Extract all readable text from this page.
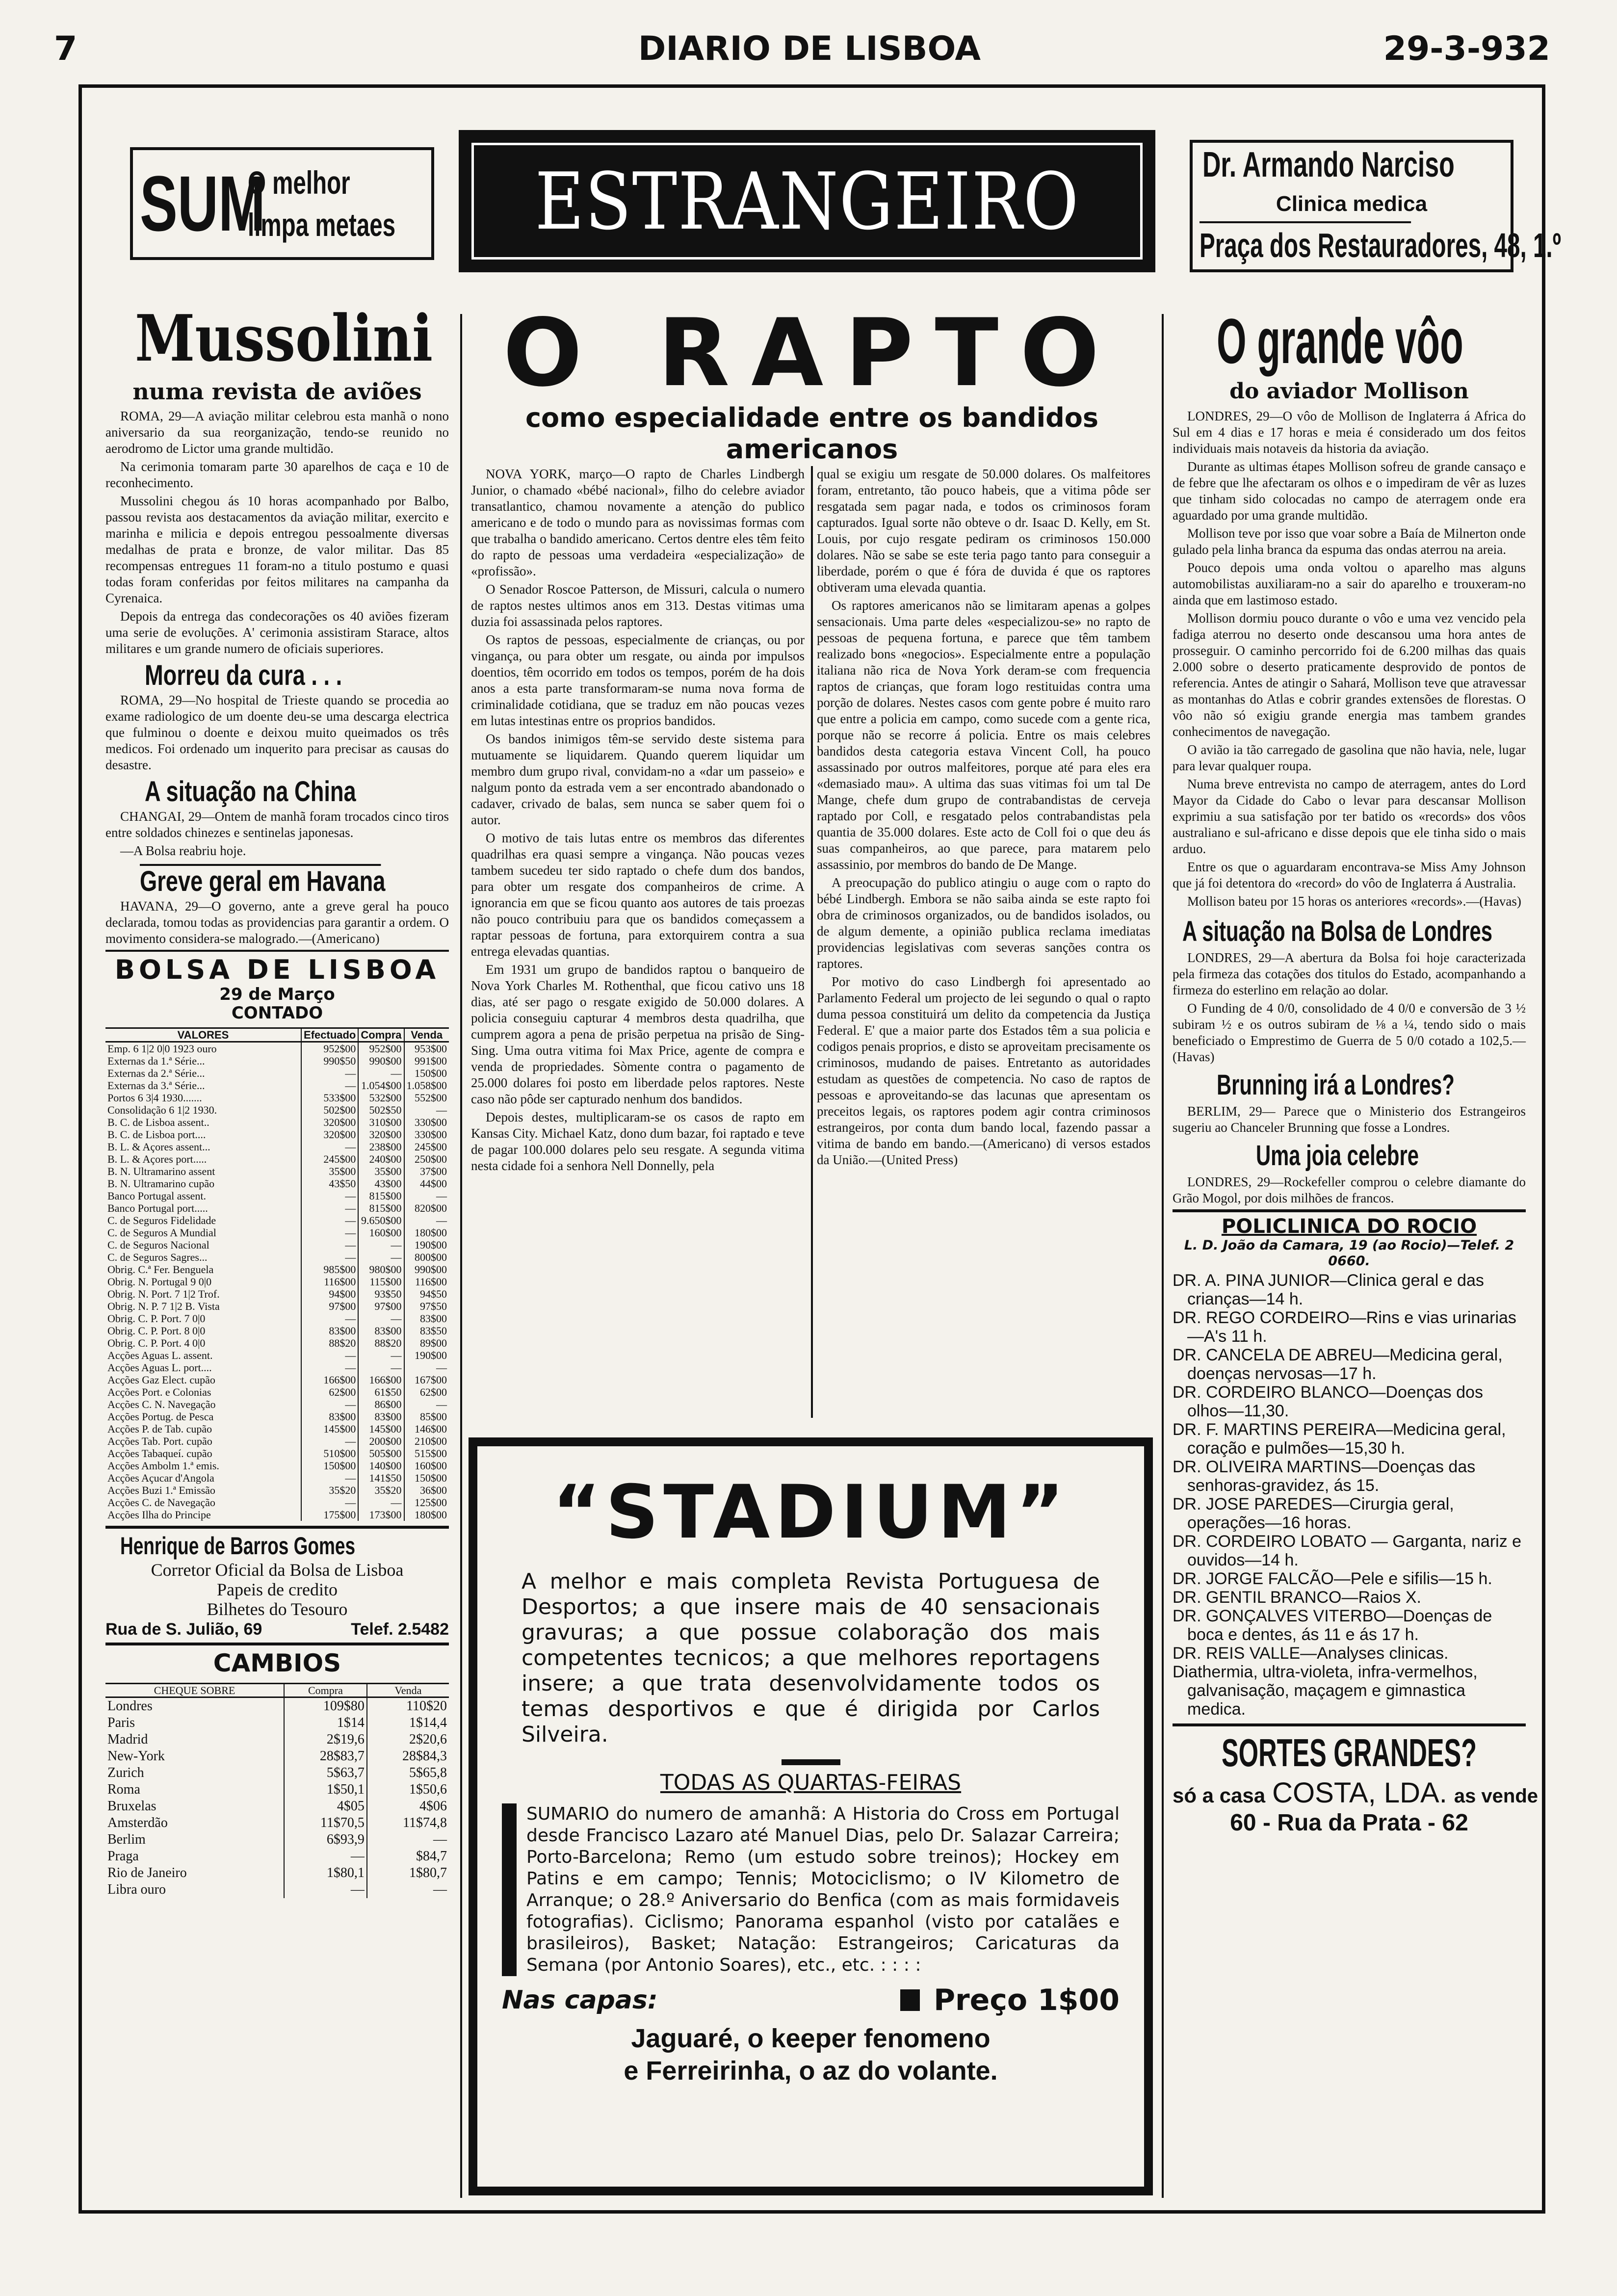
7	DIARIO DE LISBOA	29-3-932
SUM
O melhor
limpa metaes ESTRANGEIRO	Dr. Armando Narciso
Clinica medica
Praça dos Restauradores, 48, 1.º
Mussolini
numa revista de aviões

ROMA, 29—A aviação militar celebrou esta manhã o nono aniversario da sua reorganização, tendo-se reunido no aerodromo de Lictor uma grande multidão.

Na cerimonia tomaram parte 30 aparelhos de caça e 10 de reconhecimento.

Mussolini chegou ás 10 horas acompanhado por Balbo, passou revista aos destacamentos da aviação militar, exercito e marinha e milicia e depois entregou pessoalmente diversas medalhas de prata e bronze, de valor militar. Das 85 recompensas entregues 11 foram-no a titulo postumo e quasi todas foram conferidas por feitos militares na campanha da Cyrenaica.

Depois da entrega das condecorações os 40 aviões fizeram uma serie de evoluções. A' cerimonia assistiram Starace, altos militares e um grande numero de oficiais superiores.

Morreu da cura . . .

ROMA, 29—No hospital de Trieste quando se procedia ao exame radiologico de um doente deu-se uma descarga electrica que fulminou o doente e deixou muito queimados os três medicos. Foi ordenado um inquerito para precisar as causas do desastre.

A situação na China

CHANGAI, 29—Ontem de manhã foram trocados cinco tiros entre soldados chinezes e sentinelas japonesas.

—A Bolsa reabriu hoje.

Greve geral em Havana

HAVANA, 29—O governo, ante a greve geral ha pouco declarada, tomou todas as providencias para garantir a ordem. O movimento considera-se malogrado.—(Americano)

BOLSA DE LISBOA
29 de Março
CONTADO
VALORES	Efectuado	Compra	Venda
Emp. 6 1|2 0|0 1923 ouro	952$00	952$00	953$00
Externas da 1.ª Série...	990$50	990$00	991$00
Externas da 2.ª Série...	—	—	150$00
Externas da 3.ª Série...	—	1.054$00	1.058$00
Portos 6 3|4 1930.......	533$00	532$00	552$00
Consolidação 6 1|2 1930.	502$00	502$50	—
B. C. de Lisboa assent..	320$00	310$00	330$00
B. C. de Lisboa port....	320$00	320$00	330$00
B. L. & Açores assent...	—	238$00	245$00
B. L. & Açores port.....	245$00	240$00	250$00
B. N. Ultramarino assent	35$00	35$00	37$00
B. N. Ultramarino cupão	43$50	43$00	44$00
Banco Portugal assent.	—	815$00	—
Banco Portugal port.....	—	815$00	820$00
C. de Seguros Fidelidade	—	9.650$00	—
C. de Seguros A Mundial	—	160$00	180$00
C. de Seguros Nacional	—	—	190$00
C. de Seguros Sagres...	—	—	800$00
Obrig. C.ª Fer. Benguela	985$00	980$00	990$00
Obrig. N. Portugal 9 0|0	116$00	115$00	116$00
Obrig. N. Port. 7 1|2 Trof.	94$00	93$50	94$50
Obrig. N. P. 7 1|2 B. Vista	97$00	97$00	97$50
Obrig. C. P. Port. 7 0|0	—	—	83$00
Obrig. C. P. Port. 8 0|0	83$00	83$00	83$50
Obrig. C. P. Port. 4 0|0	88$20	88$20	89$00
Acções Aguas L. assent.	—	—	190$00
Acções Aguas L. port....	—	—	—
Acções Gaz Elect. cupão	166$00	166$00	167$00
Acções Port. e Colonias	62$00	61$50	62$00
Acções C. N. Navegação	—	86$00	—
Acções Portug. de Pesca	83$00	83$00	85$00
Acções P. de Tab. cupão	145$00	145$00	146$00
Acções Tab. Port. cupão	—	200$00	210$00
Acções Tabaqueí. cupão	510$00	505$00	515$00
Acções Ambolm 1.ª emis.	150$00	140$00	160$00
Acções Açucar d'Angola	—	141$50	150$00
Acções Buzi 1.ª Emissão	35$20	35$20	36$00
Acções C. de Navegação	—	—	125$00
Acções Ilha do Principe	175$00	173$00	180$00
Henrique de Barros Gomes
Corretor Oficial da Bolsa de Lisboa
Papeis de credito
Bilhetes do Tesouro
Rua de S. Julião, 69	Telef. 2.5482
CAMBIOS
CHEQUE SOBRE	Compra	Venda
Londres	109$80	110$20
Paris	1$14	1$14,4
Madrid	2$19,6	2$20,6
New-York	28$83,7	28$84,3
Zurich	5$63,7	5$65,8
Roma	1$50,1	1$50,6
Bruxelas	4$05	4$06
Amsterdão	11$70,5	11$74,8
Berlim	6$93,9	—
Praga	—	$84,7
Rio de Janeiro	1$80,1	1$80,7
Libra ouro	—	—
O RAPTO
como especialidade entre os bandidos americanos

NOVA YORK, março—O rapto de Charles Lindbergh Junior, o chamado «bébé nacional», filho do celebre aviador transatlantico, chamou novamente a atenção do publico americano e de todo o mundo para as novissimas formas com que trabalha o bandido americano. Certos dentre eles têm feito do rapto de pessoas uma verdadeira «especialização» de «profissão».

O Senador Roscoe Patterson, de Missuri, calcula o numero de raptos nestes ultimos anos em 313. Destas vitimas uma duzia foi assassinada pelos raptores.

Os raptos de pessoas, especialmente de crianças, ou por vingança, ou para obter um resgate, ou ainda por impulsos doentios, têm ocorrido em todos os tempos, porém de ha dois anos a esta parte transformaram-se numa nova forma de criminalidade cotidiana, que se traduz em não poucas vezes em lutas intestinas entre os proprios bandidos.

Os bandos inimigos têm-se servido deste sistema para mutuamente se liquidarem. Quando querem liquidar um membro dum grupo rival, convidam-no a «dar um passeio» e nalgum ponto da estrada vem a ser encontrado abandonado o cadaver, crivado de balas, sem nunca se saber quem foi o autor.

O motivo de tais lutas entre os membros das diferentes quadrilhas era quasi sempre a vingança. Não poucas vezes tambem sucedeu ter sido raptado o chefe dum dos bandos, para obter um resgate dos companheiros de crime. A ignorancia em que se ficou quanto aos autores de tais proezas não pouco contribuiu para que os bandidos começassem a raptar pessoas de fortuna, para extorquirem contra a sua entrega elevadas quantias.

Em 1931 um grupo de bandidos raptou o banqueiro de Nova York Charles M. Rothenthal, que ficou cativo uns 18 dias, até ser pago o resgate exigido de 50.000 dolares. A policia conseguiu capturar 4 membros desta quadrilha, que cumprem agora a pena de prisão perpetua na prisão de Sing-Sing. Uma outra vitima foi Max Price, agente de compra e venda de propriedades. Sòmente contra o pagamento de 25.000 dolares foi posto em liberdade pelos raptores. Neste caso não pôde ser capturado nenhum dos bandidos.

Depois destes, multiplicaram-se os casos de rapto em Kansas City. Michael Katz, dono dum bazar, foi raptado e teve de pagar 100.000 dolares pelo seu resgate. A segunda vitima nesta cidade foi a senhora Nell Donnelly, pela

qual se exigiu um resgate de 50.000 dolares. Os malfeitores foram, entretanto, tão pouco habeis, que a vitima pôde ser resgatada sem pagar nada, e todos os criminosos foram capturados. Igual sorte não obteve o dr. Isaac D. Kelly, em St. Louis, por cujo resgate pediram os criminosos 150.000 dolares. Não se sabe se este teria pago tanto para conseguir a liberdade, porém o que é fóra de duvida é que os raptores obtiveram uma elevada quantia.

Os raptores americanos não se limitaram apenas a golpes sensacionais. Uma parte deles «especializou-se» no rapto de pessoas de pequena fortuna, e parece que têm tambem realizado bons «negocios». Especialmente entre a população italiana não rica de Nova York deram-se com frequencia raptos de crianças, que foram logo restituidas contra uma porção de dolares. Nestes casos com gente pobre é muito raro que entre a policia em campo, como sucede com a gente rica, porque não se recorre á policia. Entre os mais celebres bandidos desta categoria estava Vincent Coll, ha pouco assassinado por outros malfeitores, porque até para eles era «demasiado mau». A ultima das suas vitimas foi um tal De Mange, chefe dum grupo de contrabandistas de cerveja raptado por Coll, e resgatado pelos contrabandistas pela quantia de 35.000 dolares. Este acto de Coll foi o que deu ás suas companheiros, ao que parece, para matarem pelo assassinio, por membros do bando de De Mange.

A preocupação do publico atingiu o auge com o rapto do bébé Lindbergh. Embora se não saiba ainda se este rapto foi obra de criminosos organizados, ou de bandidos isolados, ou de algum demente, a opinião publica reclama imediatas providencias legislativas com severas sanções contra os raptores.

Por motivo do caso Lindbergh foi apresentado ao Parlamento Federal um projecto de lei segundo o qual o rapto duma pessoa constituirá um delito da competencia da Justiça Federal. E' que a maior parte dos Estados têm a sua policia e codigos penais proprios, e disto se aproveitam precisamente os criminosos, mudando de paises. Entretanto as autoridades estudam as questões de competencia. No caso de raptos de pessoas e aproveitando-se das lacunas que apresentam os preceitos legais, os raptores podem agir contra criminosos estrangeiros, por conta dum bando local, fazendo passar a vitima de bando em bando.—(Americano) di versos estados da União.—(United Press)

“STADIUM”
A melhor e mais completa Revista Portuguesa de Desportos; a que insere mais de 40 sensacionais gravuras; a que possue colaboração dos mais competentes tecnicos; a que melhores reportagens insere; a que trata desenvolvidamente todos os temas desportivos e que é dirigida por Carlos Silveira.
TODAS AS QUARTAS-FEIRAS
SUMARIO do numero de amanhã: A Historia do Cross em Portugal desde Francisco Lazaro até Manuel Dias, pelo Dr. Salazar Carreira; Porto-Barcelona; Remo (um estudo sobre treinos); Hockey em Patins e em campo; Tennis; Motociclismo; o IV Kilometro de Arranque; o 28.º Aniversario do Benfica (com as mais formidaveis fotografias). Ciclismo; Panorama espanhol (visto por catalães e brasileiros), Basket; Natação: Estrangeiros; Caricaturas da Semana (por Antonio Soares), etc., etc. : : : :
Nas capas:	Preço 1$00
Jaguaré, o keeper fenomeno
e Ferreirinha, o az do volante.
O grande vôo
do aviador Mollison

LONDRES, 29—O vôo de Mollison de Inglaterra á Africa do Sul em 4 dias e 17 horas e meia é considerado um dos feitos individuais mais notaveis da historia da aviação.

Durante as ultimas étapes Mollison sofreu de grande cansaço e de febre que lhe afectaram os olhos e o impediram de vêr as luzes que tinham sido colocadas no campo de aterragem onde era aguardado por uma grande multidão.

Mollison teve por isso que voar sobre a Baía de Milnerton onde gulado pela linha branca da espuma das ondas aterrou na areia.

Pouco depois uma onda voltou o aparelho mas alguns automobilistas auxiliaram-no a sair do aparelho e trouxeram-no ainda que em lastimoso estado.

Mollison dormiu pouco durante o vôo e uma vez vencido pela fadiga aterrou no deserto onde descansou uma hora antes de prosseguir. O caminho percorrido foi de 6.200 milhas das quais 2.000 sobre o deserto praticamente desprovido de pontos de referencia. Antes de atingir o Sahará, Mollison teve que atravessar as montanhas do Atlas e cobrir grandes extensões de florestas. O vôo não só exigiu grande energia mas tambem grandes conhecimentos de navegação.

O avião ia tão carregado de gasolina que não havia, nele, lugar para levar qualquer roupa.

Numa breve entrevista no campo de aterragem, antes do Lord Mayor da Cidade do Cabo o levar para descansar Mollison exprimiu a sua satisfação por ter batido os «records» dos vôos australiano e sul-africano e disse depois que ele tinha sido o mais arduo.

Entre os que o aguardaram encontrava-se Miss Amy Johnson que já foi detentora do «record» do vôo de Inglaterra á Australia.

Mollison bateu por 15 horas os anteriores «records».—(Havas)

A situação na Bolsa de Londres

LONDRES, 29—A abertura da Bolsa foi hoje caracterizada pela firmeza das cotações dos titulos do Estado, acompanhando a firmeza do esterlino em relação ao dolar.

O Funding de 4 0/0, consolidado de 4 0/0 e conversão de 3 ½ subiram ½ e os outros subiram de ⅛ a ¼, tendo sido o mais beneficiado o Emprestimo de Guerra de 5 0/0 cotado a 102,5.—(Havas)

Brunning irá a Londres?

BERLIM, 29— Parece que o Ministerio dos Estrangeiros sugeriu ao Chanceler Brunning que fosse a Londres.

Uma joia celebre

LONDRES, 29—Rockefeller comprou o celebre diamante do Grão Mogol, por dois milhões de francos.

POLICLINICA DO ROCIO
L. D. João da Camara, 19 (ao Rocio)—Telef. 2 0660.
DR. A. PINA JUNIOR—Clinica geral e das crianças—14 h.
DR. REGO CORDEIRO—Rins e vias urinarias—A's 11 h.
DR. CANCELA DE ABREU—Medicina geral, doenças nervosas—17 h.
DR. CORDEIRO BLANCO—Doenças dos olhos—11,30.
DR. F. MARTINS PEREIRA—Medicina geral, coração e pulmões—15,30 h.
DR. OLIVEIRA MARTINS—Doenças das senhoras-gravidez, ás 15.
DR. JOSE PAREDES—Cirurgia geral, operações—16 horas.
DR. CORDEIRO LOBATO — Garganta, nariz e ouvidos—14 h.
DR. JORGE FALCÃO—Pele e sifilis—15 h.
DR. GENTIL BRANCO—Raios X.
DR. GONÇALVES VITERBO—Doenças de boca e dentes, ás 11 e ás 17 h.
DR. REIS VALLE—Analyses clinicas.
Diathermia, ultra-violeta, infra-vermelhos, galvanisação, maçagem e gimnastica medica.
SORTES GRANDES?
só a casa COSTA, LDA. as vende
60 - Rua da Prata - 62
